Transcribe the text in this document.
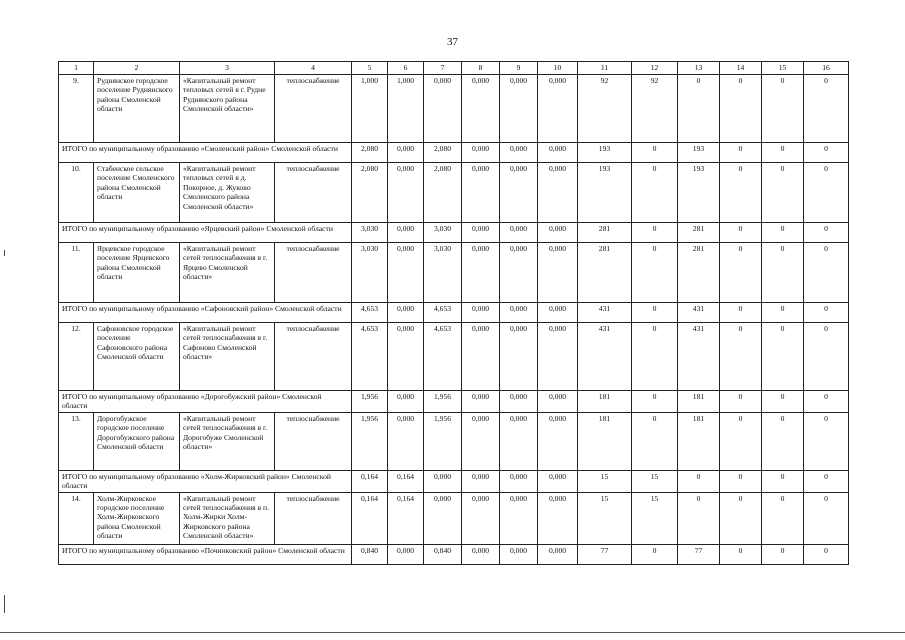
37
1	2	3	4	5	6	7	8	9	10	11	12	13	14	15	16
9.	Руднянское городское поселение Руднянского района Смоленской области	«Капитальный ремонт тепловых сетей в г. Рудне Руднянского района Смоленской области»	теплоснабжение	1,000	1,000	0,000	0,000	0,000	0,000	92	92	0	0	0	0
ИТОГО по муниципальному образованию «Смоленский район» Смоленской области				2,080	0,000	2,080	0,000	0,000	0,000	193	0	193	0	0	0
10.	Стабенское сельское поселение Смоленского района Смоленской области	«Капитальный ремонт тепловых сетей в д. Покорное, д. Жуково Смоленского района Смоленской области»	теплоснабжение	2,080	0,000	2,080	0,000	0,000	0,000	193	0	193	0	0	0
ИТОГО по муниципальному образованию «Ярцевский район» Смоленской области				3,030	0,000	3,030	0,000	0,000	0,000	281	0	281	0	0	0
11.	Ярцевское городское поселение Ярцевского района Смоленской области	«Капитальный ремонт сетей теплоснабжения в г. Ярцево Смоленской области»	теплоснабжение	3,030	0,000	3,030	0,000	0,000	0,000	281	0	281	0	0	0
ИТОГО по муниципальному образованию «Сафоновский район» Смоленской области				4,653	0,000	4,653	0,000	0,000	0,000	431	0	431	0	0	0
12.	Сафоновское городское поселение Сафоновского района Смоленской области	«Капитальный ремонт сетей теплоснабжения в г. Сафоново Смоленской области»	теплоснабжение	4,653	0,000	4,653	0,000	0,000	0,000	431	0	431	0	0	0
ИТОГО по муниципальному образованию «Дорогобужский район» Смоленской области				1,956	0,000	1,956	0,000	0,000	0,000	181	0	181	0	0	0
13.	Дорогобужское городское поселение Дорогобужского района Смоленской области	«Капитальный ремонт сетей теплоснабжения в г. Дорогобуже Смоленской области»	теплоснабжение	1,956	0,000	1,956	0,000	0,000	0,000	181	0	181	0	0	0
ИТОГО по муниципальному образованию «Холм-Жирковский район» Смоленской области				0,164	0,164	0,000	0,000	0,000	0,000	15	15	0	0	0	0
14.	Холм-Жирковское городское поселение Холм-Жирковского района Смоленской области	«Капитальный ремонт сетей теплоснабжения в п. Холм-Жирки Холм-Жирковского района Смоленской области»	теплоснабжение	0,164	0,164	0,000	0,000	0,000	0,000	15	15	0	0	0	0
ИТОГО по муниципальному образованию «Починковский район» Смоленской области				0,840	0,000	0,840	0,000	0,000	0,000	77	0	77	0	0	0
